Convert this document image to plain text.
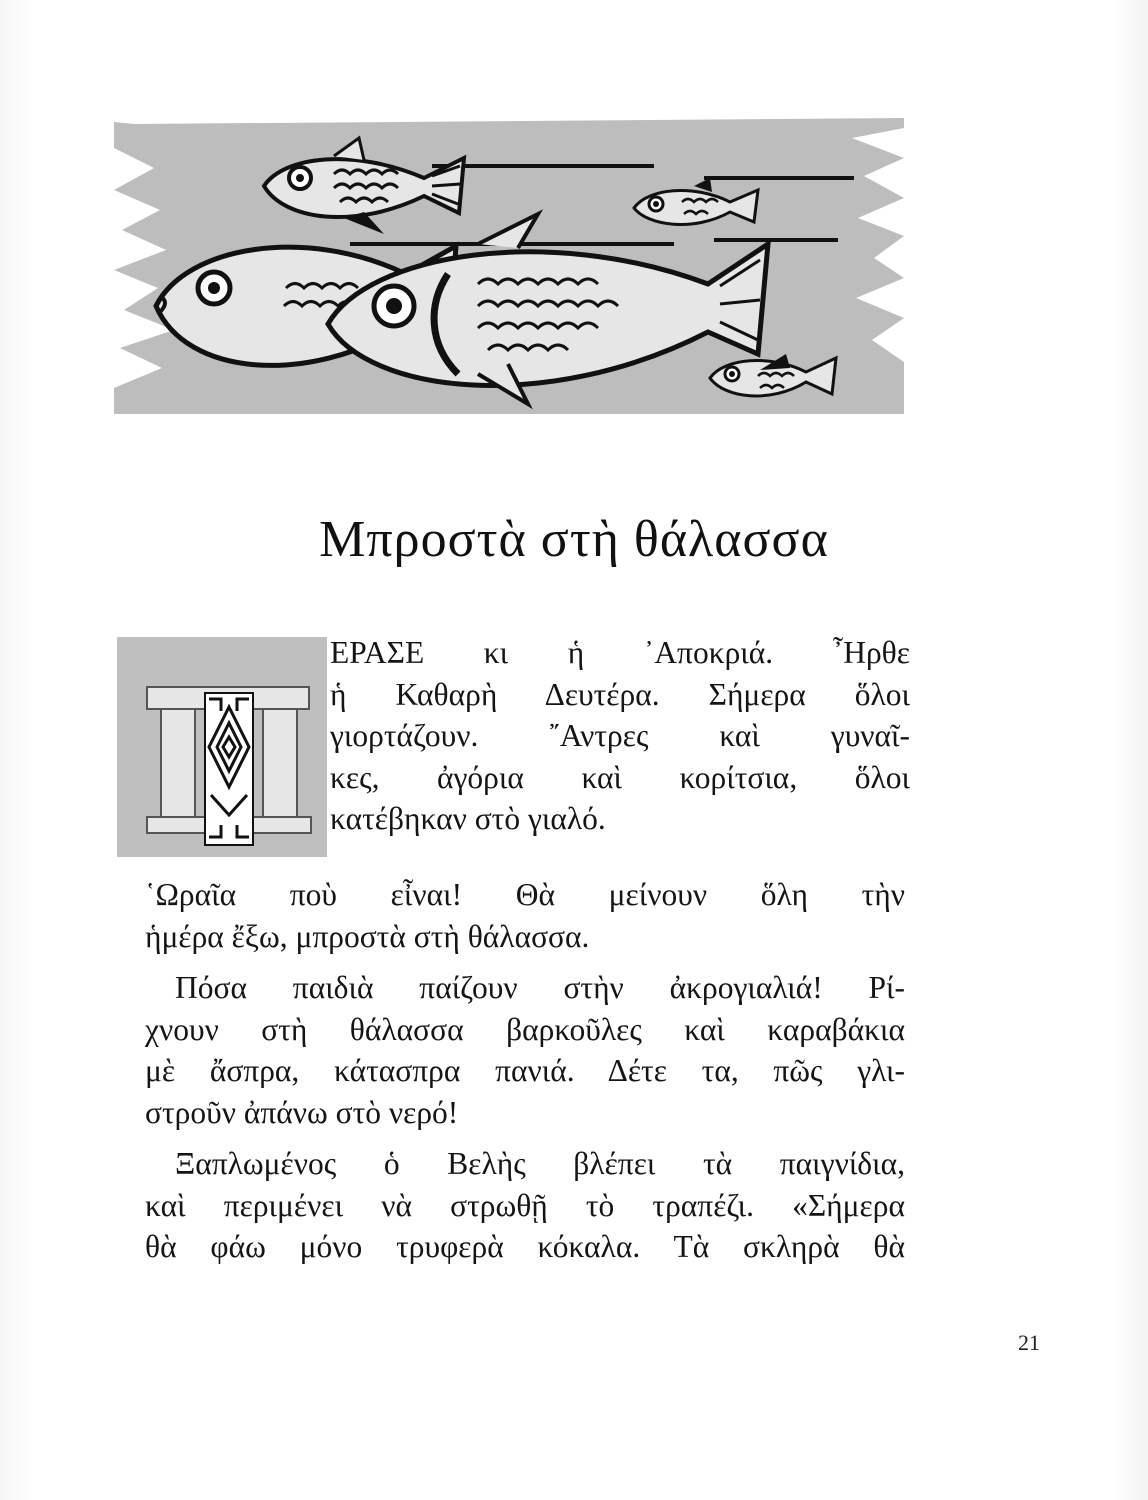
Μπροστὰ στὴ θάλασσα

ΕΡΑΣΕ κι ἡ ᾿Αποκριά. ῏Ηρθε
ἡ Καθαρὴ Δευτέρα. Σήμερα ὅλοι
γιορτάζουν. ῎Αντρες καὶ γυναῖ-
κες, ἀγόρια καὶ κορίτσια, ὅλοι
κατέβηκαν στὸ γιαλό.

῾Ωραῖα ποὺ εἶναι! Θὰ μείνουν ὅλη τὴν
ἡμέρα ἔξω, μπροστὰ στὴ θάλασσα.
Πόσα παιδιὰ παίζουν στὴν ἀκρογιαλιά! Ρί-
χνουν στὴ θάλασσα βαρκοῦλες καὶ καραβάκια
μὲ ἄσπρα, κάτασπρα πανιά. Δέτε τα, πῶς γλι-
στροῦν ἀπάνω στὸ νερό!
Ξαπλωμένος ὁ Βελὴς βλέπει τὰ παιγνίδια,
καὶ περιμένει νὰ στρωθῇ τὸ τραπέζι. «Σήμερα
θὰ φάω μόνο τρυφερὰ κόκαλα. Τὰ σκληρὰ θὰ
21
